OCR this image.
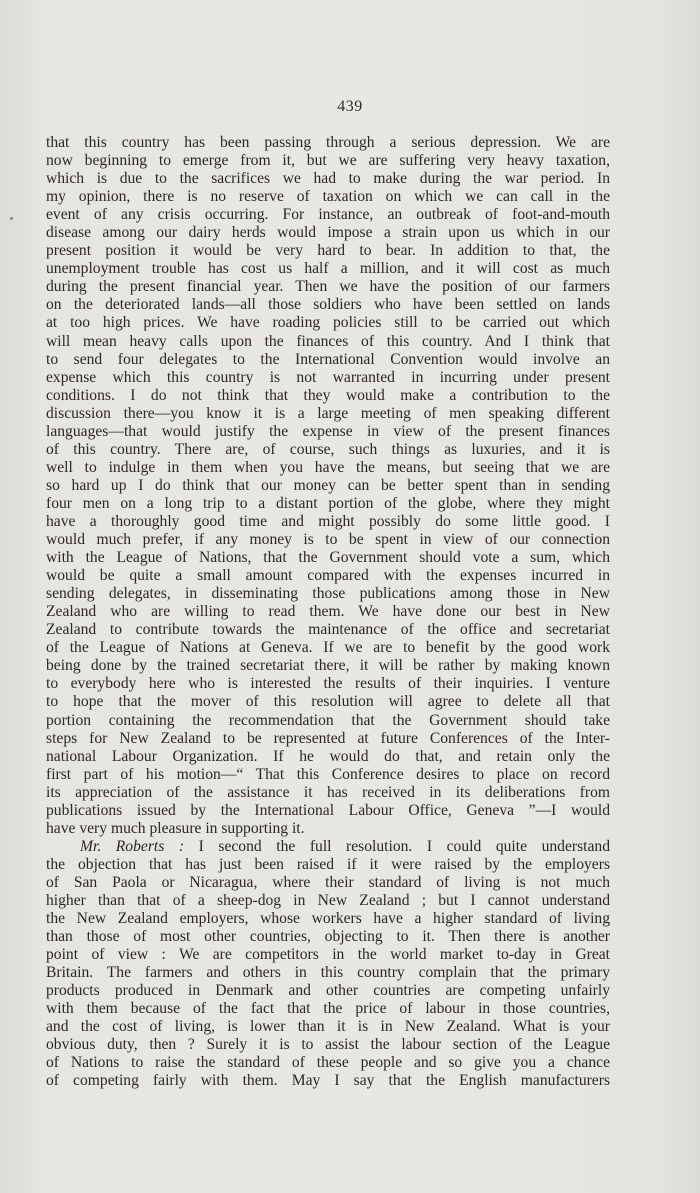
439
that this country has been passing through a serious depression. We are
now beginning to emerge from it, but we are suffering very heavy taxation,
which is due to the sacrifices we had to make during the war period. In
my opinion, there is no reserve of taxation on which we can call in the
event of any crisis occurring. For instance, an outbreak of foot-and-mouth
disease among our dairy herds would impose a strain upon us which in our
present position it would be very hard to bear. In addition to that, the
unemployment trouble has cost us half a million, and it will cost as much
during the present financial year. Then we have the position of our farmers
on the deteriorated lands—all those soldiers who have been settled on lands
at too high prices. We have roading policies still to be carried out which
will mean heavy calls upon the finances of this country. And I think that
to send four delegates to the International Convention would involve an
expense which this country is not warranted in incurring under present
conditions. I do not think that they would make a contribution to the
discussion there—you know it is a large meeting of men speaking different
languages—that would justify the expense in view of the present finances
of this country. There are, of course, such things as luxuries, and it is
well to indulge in them when you have the means, but seeing that we are
so hard up I do think that our money can be better spent than in sending
four men on a long trip to a distant portion of the globe, where they might
have a thoroughly good time and might possibly do some little good. I
would much prefer, if any money is to be spent in view of our connection
with the League of Nations, that the Government should vote a sum, which
would be quite a small amount compared with the expenses incurred in
sending delegates, in disseminating those publications among those in New
Zealand who are willing to read them. We have done our best in New
Zealand to contribute towards the maintenance of the office and secretariat
of the League of Nations at Geneva. If we are to benefit by the good work
being done by the trained secretariat there, it will be rather by making known
to everybody here who is interested the results of their inquiries. I venture
to hope that the mover of this resolution will agree to delete all that
portion containing the recommendation that the Government should take
steps for New Zealand to be represented at future Conferences of the Inter-
national Labour Organization. If he would do that, and retain only the
first part of his motion—“ That this Conference desires to place on record
its appreciation of the assistance it has received in its deliberations from
publications issued by the International Labour Office, Geneva ”—I would
have very much pleasure in supporting it.
Mr. Roberts : I second the full resolution. I could quite understand
the objection that has just been raised if it were raised by the employers
of San Paola or Nicaragua, where their standard of living is not much
higher than that of a sheep-dog in New Zealand ; but I cannot understand
the New Zealand employers, whose workers have a higher standard of living
than those of most other countries, objecting to it. Then there is another
point of view : We are competitors in the world market to-day in Great
Britain. The farmers and others in this country complain that the primary
products produced in Denmark and other countries are competing unfairly
with them because of the fact that the price of labour in those countries,
and the cost of living, is lower than it is in New Zealand. What is your
obvious duty, then ? Surely it is to assist the labour section of the League
of Nations to raise the standard of these people and so give you a chance
of competing fairly with them. May I say that the English manufacturers
